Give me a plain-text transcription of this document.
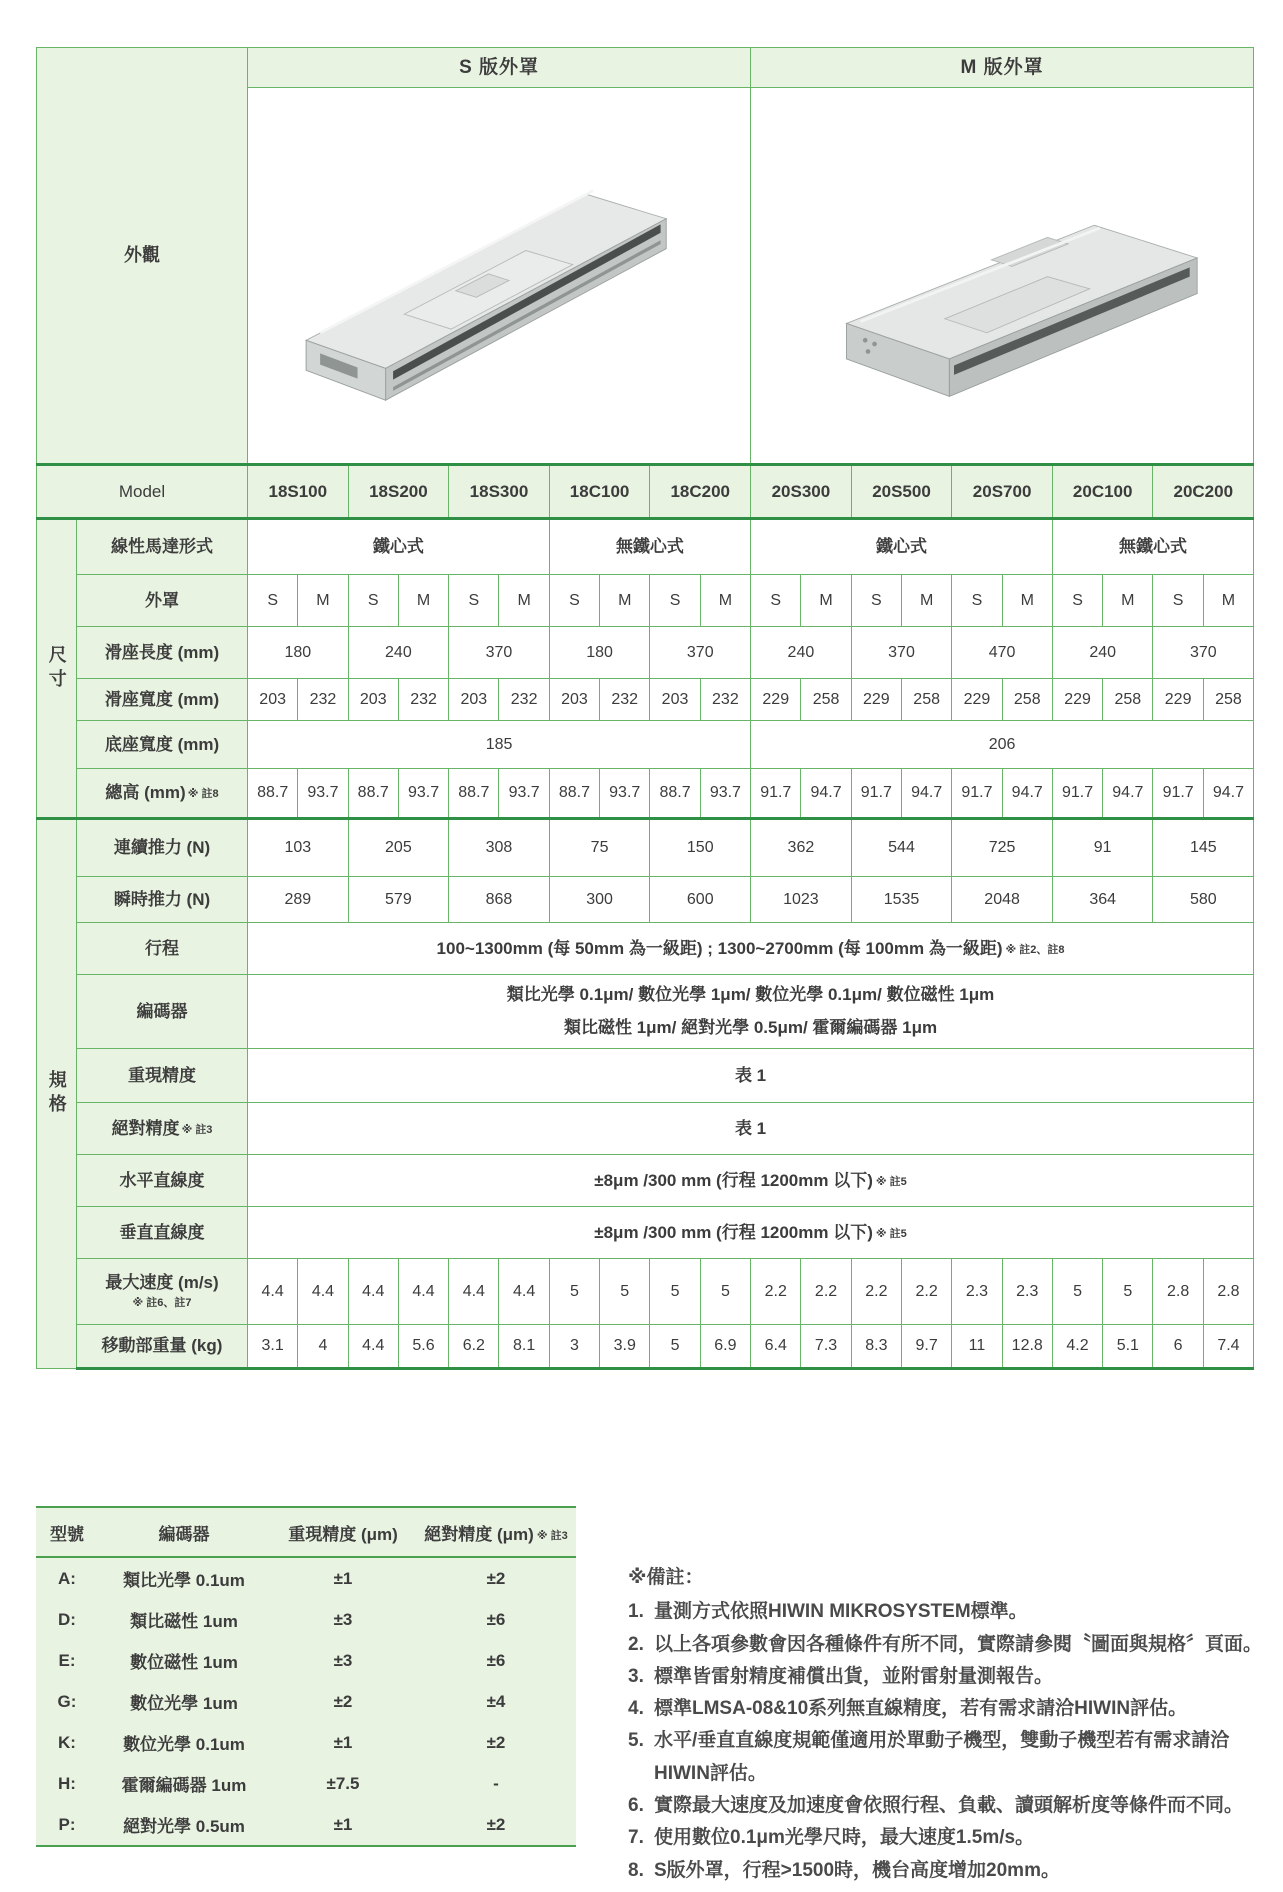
外觀		S 版外罩										M 版外罩									

Model		18S100		18S200		18S300		18C100		18C200		20S300		20S500		20S700		20C100		20C200	
尺寸	線性馬達形式	鐵心式						無鐵心式				鐵心式						無鐵心式			
	外罩	S	M	S	M	S	M	S	M	S	M	S	M	S	M	S	M	S	M	S	M
	滑座長度 (mm)	180		240		370		180		370		240		370		470		240		370	
	滑座寬度 (mm)	203	232	203	232	203	232	203	232	203	232	229	258	229	258	229	258	229	258	229	258
	底座寬度 (mm)	185										206									
	總高 (mm) ※ 註8	88.7	93.7	88.7	93.7	88.7	93.7	88.7	93.7	88.7	93.7	91.7	94.7	91.7	94.7	91.7	94.7	91.7	94.7	91.7	94.7
規格	連續推力 (N)	103		205		308		75		150		362		544		725		91		145	
	瞬時推力 (N)	289		579		868		300		600		1023		1535		2048		364		580	
	行程	100~1300mm (每 50mm 為一級距) ; 1300~2700mm (每 100mm 為一級距) ※ 註2、註8																			
	編碼器	類比光學 0.1μm/ 數位光學 1μm/ 數位光學 0.1μm/ 數位磁性 1μm
類比磁性 1μm/ 絕對光學 0.5μm/ 霍爾編碼器 1μm																			

	重現精度	表 1																			
	絕對精度 ※ 註3	表 1																			
	水平直線度	±8μm /300 mm (行程 1200mm 以下) ※ 註5																			
	垂直直線度	±8μm /300 mm (行程 1200mm 以下) ※ 註5																			
	最大速度 (m/s)
※ 註6、註7	4.4	4.4	4.4	4.4	4.4	4.4	5	5	5	5	2.2	2.2	2.2	2.2	2.3	2.3	5	5	2.8	2.8
	移動部重量 (kg)	3.1	4	4.4	5.6	6.2	8.1	3	3.9	5	6.9	6.4	7.3	8.3	9.7	11	12.8	4.2	5.1	6	7.4
型號	編碼器	重現精度 (μm)	絕對精度 (μm) ※ 註3
A:	類比光學 0.1um	±1	±2
D:	類比磁性 1um	±3	±6
E:	數位磁性 1um	±3	±6
G:	數位光學 1um	±2	±4
K:	數位光學 0.1um	±1	±2
H:	霍爾編碼器 1um	±7.5	-
P:	絕對光學 0.5um	±1	±2
※備註：
1. 量測方式依照HIWIN MIKROSYSTEM標準。
2. 以上各項參數會因各種條件有所不同，實際請參閱〝圖面與規格〞頁面。
3. 標準皆雷射精度補償出貨，並附雷射量測報告。
4. 標準LMSA-08&10系列無直線精度，若有需求請洽HIWIN評估。
5. 水平/垂直直線度規範僅適用於單動子機型，雙動子機型若有需求請洽 HIWIN評估。
6. 實際最大速度及加速度會依照行程、負載、讀頭解析度等條件而不同。
7. 使用數位0.1μm光學尺時，最大速度1.5m/s。
8. S版外罩，行程>1500時，機台高度增加20mm。
